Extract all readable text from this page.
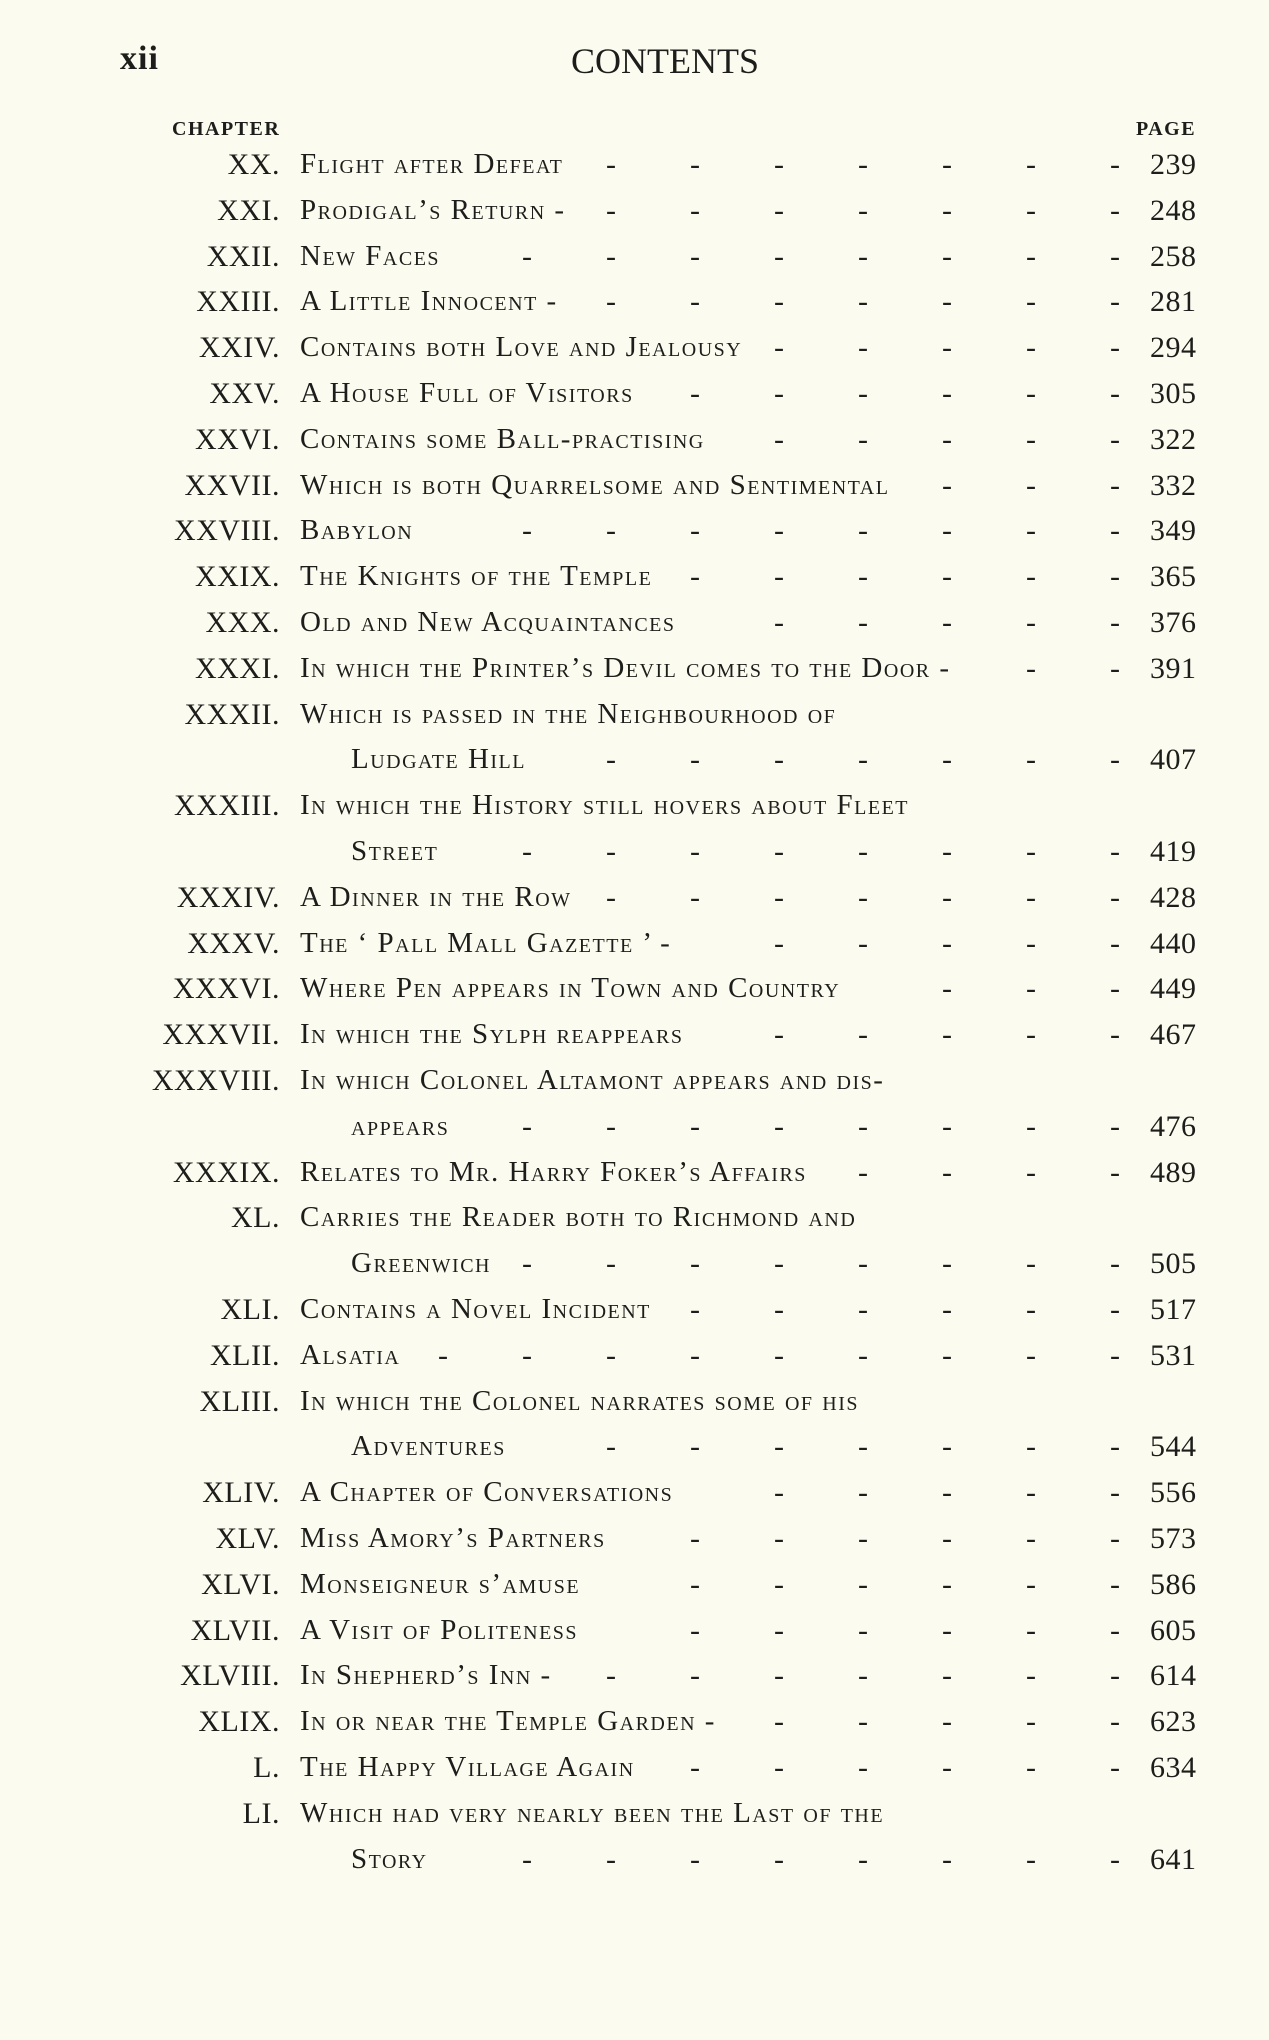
xii	CONTENTS
CHAPTER	PAGE
XX. Flight after Defeat	239
-
-
-
-
-
-
-
XXI. Prodigal’s Return -	248
-
-
-
-
-
-
-
XXII. New Faces	258
-
-
-
-
-
-
-
-
XXIII. A Little Innocent -	281
-
-
-
-
-
-
-
XXIV. Contains both Love and Jealousy	294
-
-
-
-
-
XXV. A House Full of Visitors	305
-
-
-
-
-
-
XXVI. Contains some Ball-practising	322
-
-
-
-
-
XXVII. Which is both Quarrelsome and Sentimental	332
-
-
-
XXVIII. Babylon	349
-
-
-
-
-
-
-
-
XXIX. The Knights of the Temple	365
-
-
-
-
-
-
XXX. Old and New Acquaintances	376
-
-
-
-
-
XXXI. In which the Printer’s Devil comes to the Door -	391
-
-
XXXII. Which is passed in the Neighbourhood of
Ludgate Hill	407
-
-
-
-
-
-
-
XXXIII. In which the History still hovers about Fleet
Street	419
-
-
-
-
-
-
-
-
XXXIV. A Dinner in the Row	428
-
-
-
-
-
-
-
XXXV. The ‘ Pall Mall Gazette ’ -	440
-
-
-
-
-
XXXVI. Where Pen appears in Town and Country	449
-
-
-
XXXVII. In which the Sylph reappears	467
-
-
-
-
-
XXXVIII. In which Colonel Altamont appears and dis-
appears	476
-
-
-
-
-
-
-
-
XXXIX. Relates to Mr. Harry Foker’s Affairs	489
-
-
-
-
XL. Carries the Reader both to Richmond and
Greenwich	505
-
-
-
-
-
-
-
-
XLI. Contains a Novel Incident	517
-
-
-
-
-
-
XLII. Alsatia	531
-
-
-
-
-
-
-
-
-
XLIII. In which the Colonel narrates some of his
Adventures	544
-
-
-
-
-
-
-
XLIV. A Chapter of Conversations	556
-
-
-
-
-
XLV. Miss Amory’s Partners	573
-
-
-
-
-
-
XLVI. Monseigneur s’amuse	586
-
-
-
-
-
-
XLVII. A Visit of Politeness	605
-
-
-
-
-
-
XLVIII. In Shepherd’s Inn -	614
-
-
-
-
-
-
-
XLIX. In or near the Temple Garden -	623
-
-
-
-
-
L. The Happy Village Again	634
-
-
-
-
-
-
LI. Which had very nearly been the Last of the
Story	641
-
-
-
-
-
-
-
-
